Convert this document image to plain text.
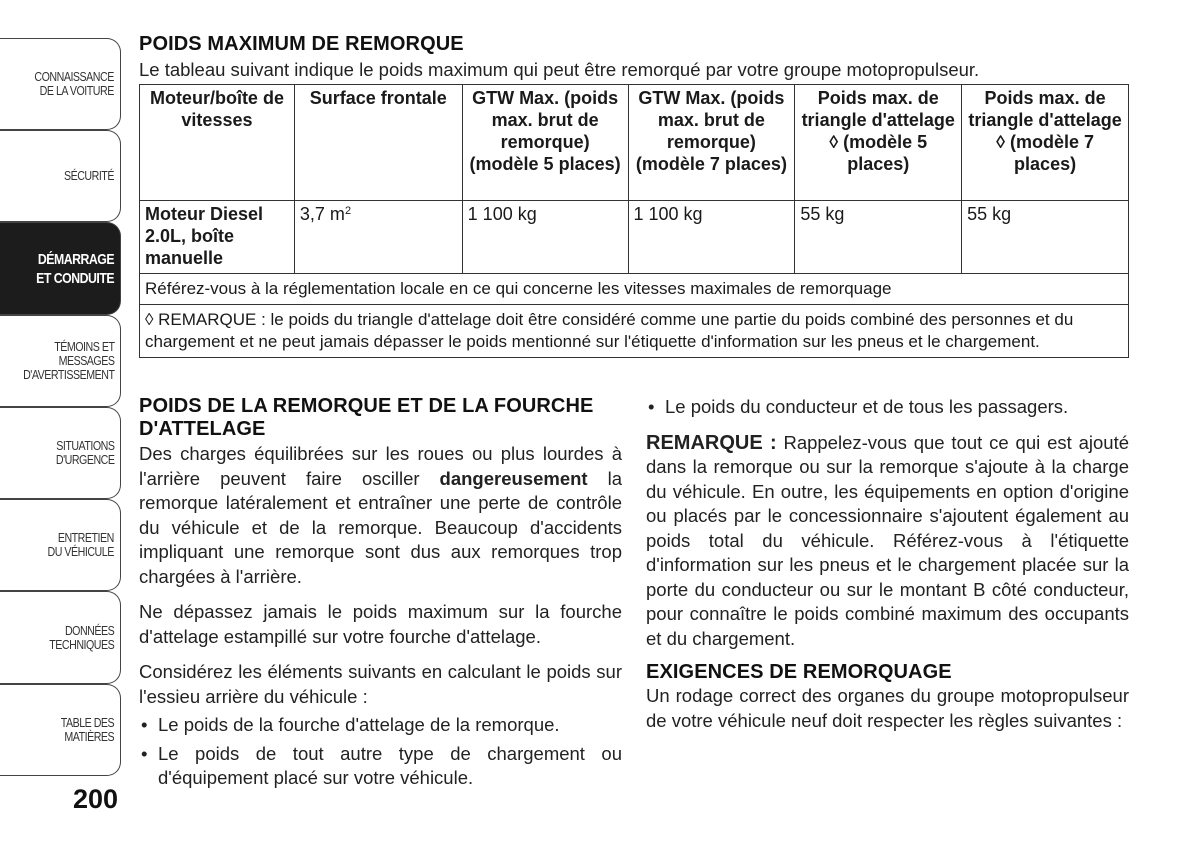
CONNAISSANCE
DE LA VOITURE
SÉCURITÉ
DÉMARRAGE
ET CONDUITE
TÉMOINS ET
MESSAGES
D'AVERTISSEMENT
SITUATIONS
D'URGENCE
ENTRETIEN
DU VÉHICULE
DONNÉES
TECHNIQUES
TABLE DES
MATIÈRES
200
POIDS MAXIMUM DE REMORQUE

Le tableau suivant indique le poids maximum qui peut être remorqué par votre groupe motopropulseur.

Moteur/boîte de vitesses	Surface frontale	GTW Max. (poids max. brut de remorque) (modèle 5 places)	GTW Max. (poids max. brut de remorque) (modèle 7 places)	Poids max. de triangle d'attelage ◊ (modèle 5 places)	Poids max. de triangle d'attelage ◊ (modèle 7 places)
Moteur Diesel 2.0L, boîte manuelle	3,7 $m^2$	1 100 kg	1 100 kg	55 kg	55 kg
Référez-vous à la réglementation locale en ce qui concerne les vitesses maximales de remorquage					
◊ REMARQUE : le poids du triangle d'attelage doit être considéré comme une partie du poids combiné des personnes et du chargement et ne peut jamais dépasser le poids mentionné sur l'étiquette d'information sur les pneus et le chargement.					
POIDS DE LA REMORQUE ET DE LA FOURCHE D'ATTELAGE

Des charges équilibrées sur les roues ou plus lourdes à l'arrière peuvent faire osciller dangereusement la remorque latéralement et entraîner une perte de contrôle du véhicule et de la remorque. Beaucoup d'accidents impliquant une remorque sont dus aux remorques trop chargées à l'arrière.

Ne dépassez jamais le poids maximum sur la fourche d'attelage estampillé sur votre fourche d'attelage.

Considérez les éléments suivants en calculant le poids sur l'essieu arrière du véhicule :

• Le poids de la fourche d'attelage de la remorque.
• Le poids de tout autre type de chargement ou d'équipement placé sur votre véhicule.
• Le poids du conducteur et de tous les passagers.

REMARQUE : Rappelez-vous que tout ce qui est ajouté dans la remorque ou sur la remorque s'ajoute à la charge du véhicule. En outre, les équipements en option d'origine ou placés par le concessionnaire s'ajoutent également au poids total du véhicule. Référez-vous à l'étiquette d'information sur les pneus et le chargement placée sur la porte du conducteur ou sur le montant B côté conducteur, pour connaître le poids combiné maximum des occupants et du chargement.

EXIGENCES DE REMORQUAGE

Un rodage correct des organes du groupe motopropulseur de votre véhicule neuf doit respecter les règles suivantes :
